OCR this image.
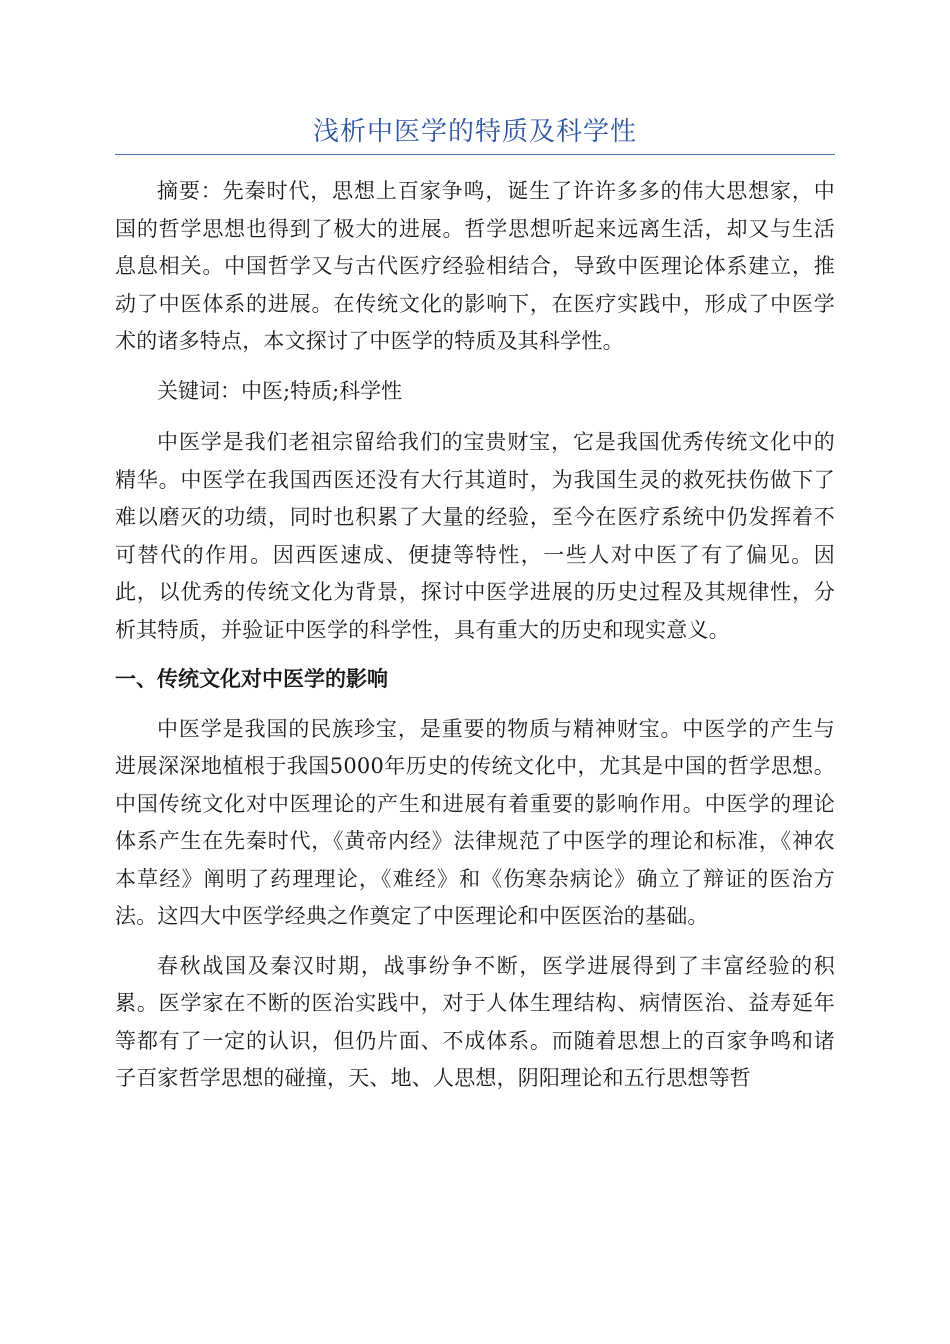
浅析中医学的特质及科学性

摘要：先秦时代，思想上百家争鸣，诞生了许许多多的伟大思想家，中国的哲学思想也得到了极大的进展。哲学思想听起来远离生活，却又与生活息息相关。中国哲学又与古代医疗经验相结合，导致中医理论体系建立，推动了中医体系的进展。在传统文化的影响下，在医疗实践中，形成了中医学术的诸多特点，本文探讨了中医学的特质及其科学性。

关键词：中医;特质;科学性

中医学是我们老祖宗留给我们的宝贵财宝，它是我国优秀传统文化中的精华。中医学在我国西医还没有大行其道时，为我国生灵的救死扶伤做下了难以磨灭的功绩，同时也积累了大量的经验，至今在医疗系统中仍发挥着不可替代的作用。因西医速成、便捷等特性，一些人对中医了有了偏见。因此，以优秀的传统文化为背景，探讨中医学进展的历史过程及其规律性，分析其特质，并验证中医学的科学性，具有重大的历史和现实意义。

一、传统文化对中医学的影响

中医学是我国的民族珍宝，是重要的物质与精神财宝。中医学的产生与进展深深地植根于我国5000年历史的传统文化中，尤其是中国的哲学思想。中国传统文化对中医理论的产生和进展有着重要的影响作用。中医学的理论体系产生在先秦时代，《黄帝内经》法律规范了中医学的理论和标准，《神农本草经》阐明了药理理论，《难经》和《伤寒杂病论》确立了辩证的医治方法。这四大中医学经典之作奠定了中医理论和中医医治的基础。

春秋战国及秦汉时期，战事纷争不断，医学进展得到了丰富经验的积累。医学家在不断的医治实践中，对于人体生理结构、病情医治、益寿延年等都有了一定的认识，但仍片面、不成体系。而随着思想上的百家争鸣和诸子百家哲学思想的碰撞，天、地、人思想，阴阳理论和五行思想等哲
